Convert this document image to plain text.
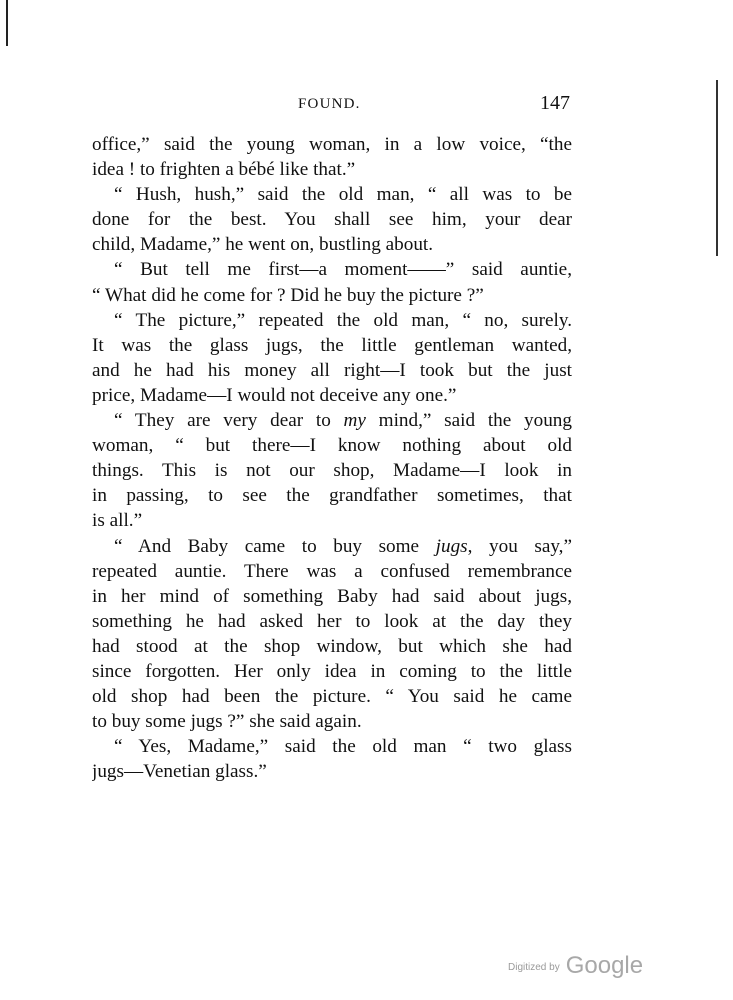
FOUND.	147
office,” said the young woman, in a low voice, “the
idea ! to frighten a bébé like that.”
“ Hush, hush,” said the old man, “ all was to be
done for the best. You shall see him, your dear
child, Madame,” he went on, bustling about.
“ But tell me first—a moment——” said auntie,
“ What did he come for ? Did he buy the picture ?”
“ The picture,” repeated the old man, “ no, surely.
It was the glass jugs, the little gentleman wanted,
and he had his money all right—I took but the just
price, Madame—I would not deceive any one.”
“ They are very dear to my mind,” said the young
woman, “ but there—I know nothing about old
things. This is not our shop, Madame—I look in
in passing, to see the grandfather sometimes, that
is all.”
“ And Baby came to buy some jugs, you say,”
repeated auntie. There was a confused remembrance
in her mind of something Baby had said about jugs,
something he had asked her to look at the day they
had stood at the shop window, but which she had
since forgotten. Her only idea in coming to the little
old shop had been the picture. “ You said he came
to buy some jugs ?” she said again.
“ Yes, Madame,” said the old man “ two glass
jugs—Venetian glass.”
Digitized by Google
